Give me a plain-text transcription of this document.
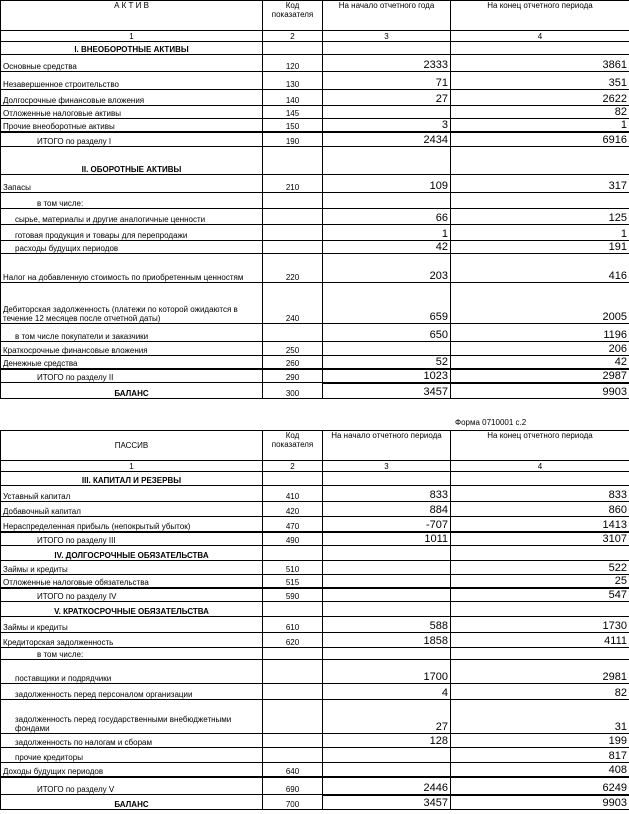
А К Т И В	Код показателя	На начало отчетного года	На конец отчетного периода
1	2	3	4
I. ВНЕОБОРОТНЫЕ АКТИВЫ			
Основные средства	120	2333	3861
Незавершенное строительство	130	71	351
Долгосрочные финансовые вложения	140	27	2622
Отложенные налоговые активы	145		82
Прочие внеоборотные активы	150	3	1
ИТОГО по разделу I	190	2434	6916
II. ОБОРОТНЫЕ АКТИВЫ			
Запасы	210	109	317
в том числе:			
сырье, материалы и другие аналогичные ценности		66	125
готовая продукция и товары для перепродажи		1	1
расходы будущих периодов		42	191
Налог на добавленную стоимость по приобретенным ценностям	220	203	416
Дебиторская задолженность (платежи по которой ожидаются в течение 12 месяцев после отчетной даты)	240	659	2005
в том числе покупатели и заказчики		650	1196
Краткосрочные финансовые вложения	250		206
Денежные средства	260	52	42
ИТОГО по разделу II	290	1023	2987
БАЛАНС	300	3457	9903
Форма 0710001 с.2
ПАССИВ	Код показателя	На начало отчетного периода	На конец отчетного периода
1	2	3	4
III. КАПИТАЛ И РЕЗЕРВЫ			
Уставный капитал	410	833	833
Добавочный капитал	420	884	860
Нераспределенная прибыль (непокрытый убыток)	470	-707	1413
ИТОГО по разделу III	490	1011	3107
IV. ДОЛГОСРОЧНЫЕ ОБЯЗАТЕЛЬСТВА			
Займы и кредиты	510		522
Отложенные налоговые обязательства	515		25
ИТОГО по разделу IV	590		547
V. КРАТКОСРОЧНЫЕ ОБЯЗАТЕЛЬСТВА			
Займы и кредиты	610	588	1730
Кредиторская задолженность	620	1858	4111
в том числе:			
поставщики и подрядчики		1700	2981
задолженность перед персоналом организации		4	82
задолженность перед государственными внебюджетными фондами		27	31
задолженность по налогам и сборам		128	199
прочие кредиторы			817
Доходы будущих периодов	640		408
ИТОГО по разделу V	690	2446	6249
БАЛАНС	700	3457	9903
